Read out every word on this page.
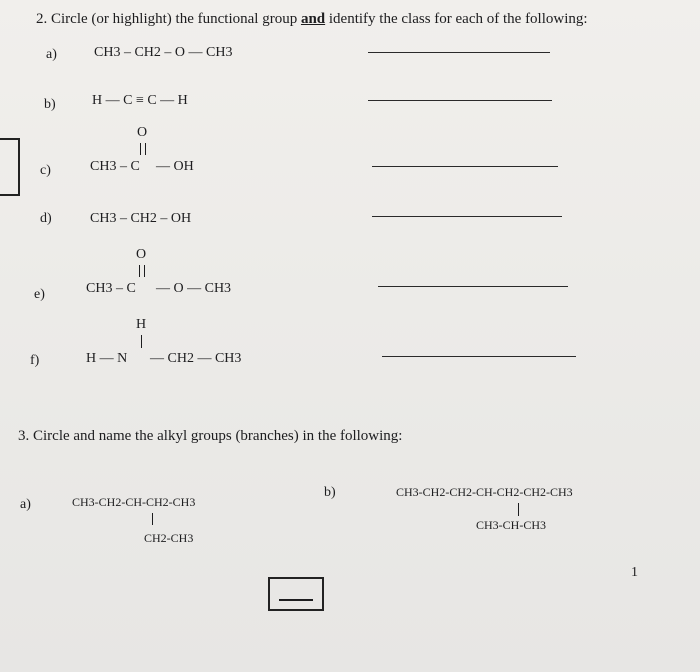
2. Circle (or highlight) the functional group and identify the class for each of the following:
a)	CH3 – CH2 – O — CH3
b)	H — C ≡ C — H
c)
O
CH3 – C — OH
d)	CH3 – CH2 – OH
e)
O
CH3 – C — O — CH3
f)
H
H — N — CH2 — CH3
3. Circle and name the alkyl groups (branches) in the following:
a)	CH3-CH2-CH-CH2-CH3
CH2-CH3
b)	CH3-CH2-CH2-CH-CH2-CH2-CH3
CH3-CH-CH3
1
